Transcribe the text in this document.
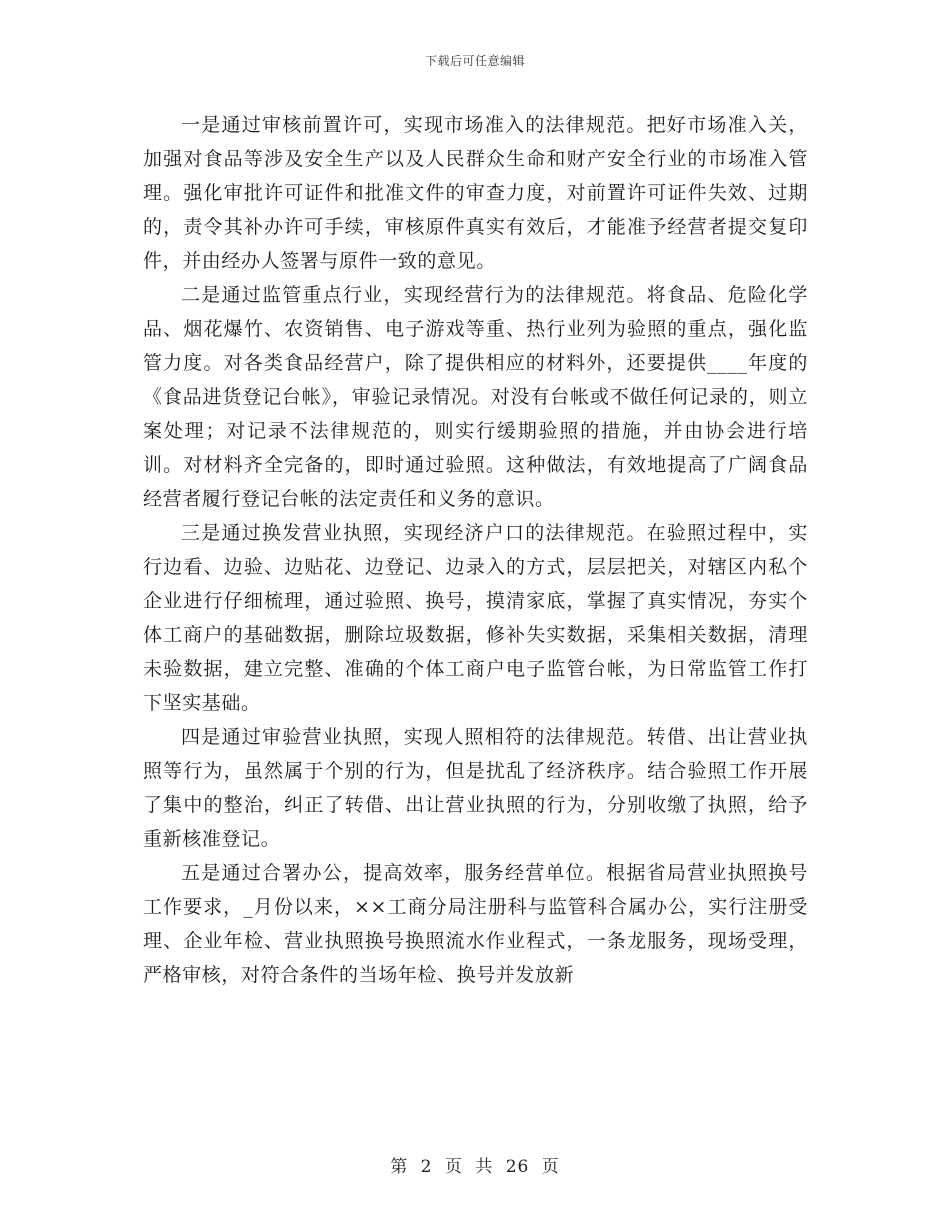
下载后可任意编辑

一是通过审核前置许可，实现市场准入的法律规范。把好市场准入关，加强对食品等涉及安全生产以及人民群众生命和财产安全行业的市场准入管理。强化审批许可证件和批准文件的审查力度，对前置许可证件失效、过期的，责令其补办许可手续，审核原件真实有效后，才能准予经营者提交复印件，并由经办人签署与原件一致的意见。

二是通过监管重点行业，实现经营行为的法律规范。将食品、危险化学品、烟花爆竹、农资销售、电子游戏等重、热行业列为验照的重点，强化监管力度。对各类食品经营户，除了提供相应的材料外，还要提供____年度的《食品进货登记台帐》，审验记录情况。对没有台帐或不做任何记录的，则立案处理；对记录不法律规范的，则实行缓期验照的措施，并由协会进行培训。对材料齐全完备的，即时通过验照。这种做法，有效地提高了广阔食品经营者履行登记台帐的法定责任和义务的意识。

三是通过换发营业执照，实现经济户口的法律规范。在验照过程中，实行边看、边验、边贴花、边登记、边录入的方式，层层把关，对辖区内私个企业进行仔细梳理，通过验照、换号，摸清家底，掌握了真实情况，夯实个体工商户的基础数据，删除垃圾数据，修补失实数据，采集相关数据，清理未验数据，建立完整、准确的个体工商户电子监管台帐，为日常监管工作打下坚实基础。

四是通过审验营业执照，实现人照相符的法律规范。转借、出让营业执照等行为，虽然属于个别的行为，但是扰乱了经济秩序。结合验照工作开展了集中的整治，纠正了转借、出让营业执照的行为，分别收缴了执照，给予重新核准登记。

五是通过合署办公，提高效率，服务经营单位。根据省局营业执照换号工作要求，_月份以来，××工商分局注册科与监管科合属办公，实行注册受理、企业年检、营业执照换号换照流水作业程式，一条龙服务，现场受理，严格审核，对符合条件的当场年检、换号并发放新

第 2 页 共 26 页
